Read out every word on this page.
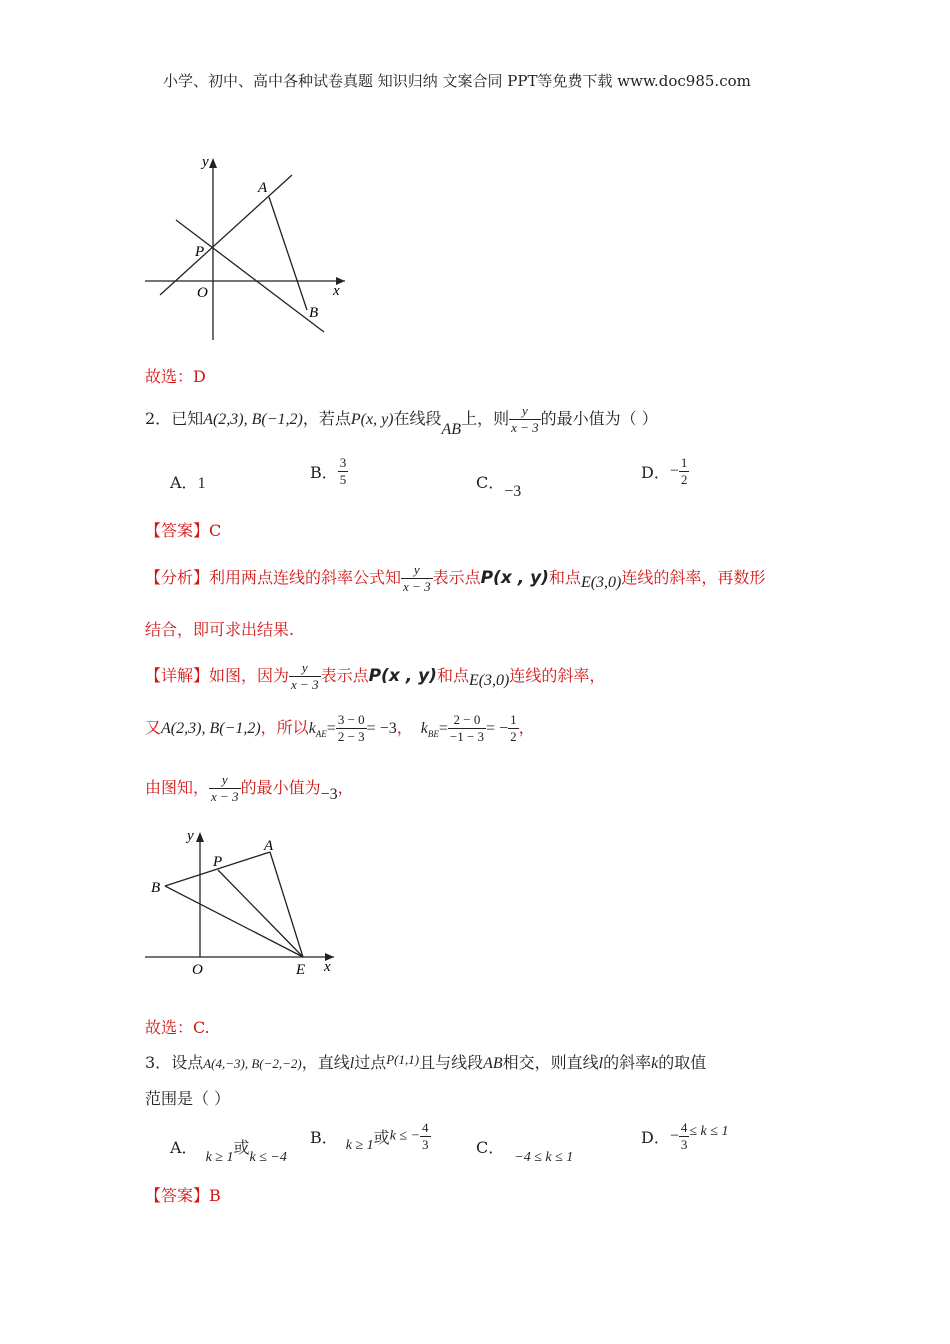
小学、初中、高中各种试卷真题 知识归纳 文案合同 PPT等免费下载 www.doc985.com
y
x
A
P
O
B
故选：D
2．已知A(2,3), B(−1,2)，若点P(x, y)在线段AB上，则 $\frac{y}{x - 3}$ 的最小值为（ ）
A．1
B． $\frac{3}{5}$	C．−3
D．− $\frac{1}{2}$
【答案】C
【分析】利用两点连线的斜率公式知 $\frac{y}{x - 3}$ 表示点P(x , y)和点E(3,0)连线的斜率，再数形
结合，即可求出结果.
【详解】如图，因为 $\frac{y}{x - 3}$ 表示点P(x , y)和点E(3,0)连线的斜率，
又A(2,3), B(−1,2)，所以$k_{AE}= \frac{3 - 0}{2 - 3} = -3$， $k_{BE}= \frac{2 - 0}{-1 - 3}$ = − $\frac{1}{2}$ ，
由图知， $\frac{y}{x - 3}$ 的最小值为−3，
y
x
A
P
B
O	E
故选：C.
3．设点A(4,−3), B(−2,−2)，直线l过点$^{P(1,1)}$且与线段AB相交，则直线l的斜率k的取值
范围是（ ）
A．k ≥ 1或k ≤ −4
B． k ≥ 1或k ≤ − $\frac{4}{3}$	C．−4 ≤ k ≤ 1
D．− $\frac{4}{3} \le k \le 1$
【答案】B
